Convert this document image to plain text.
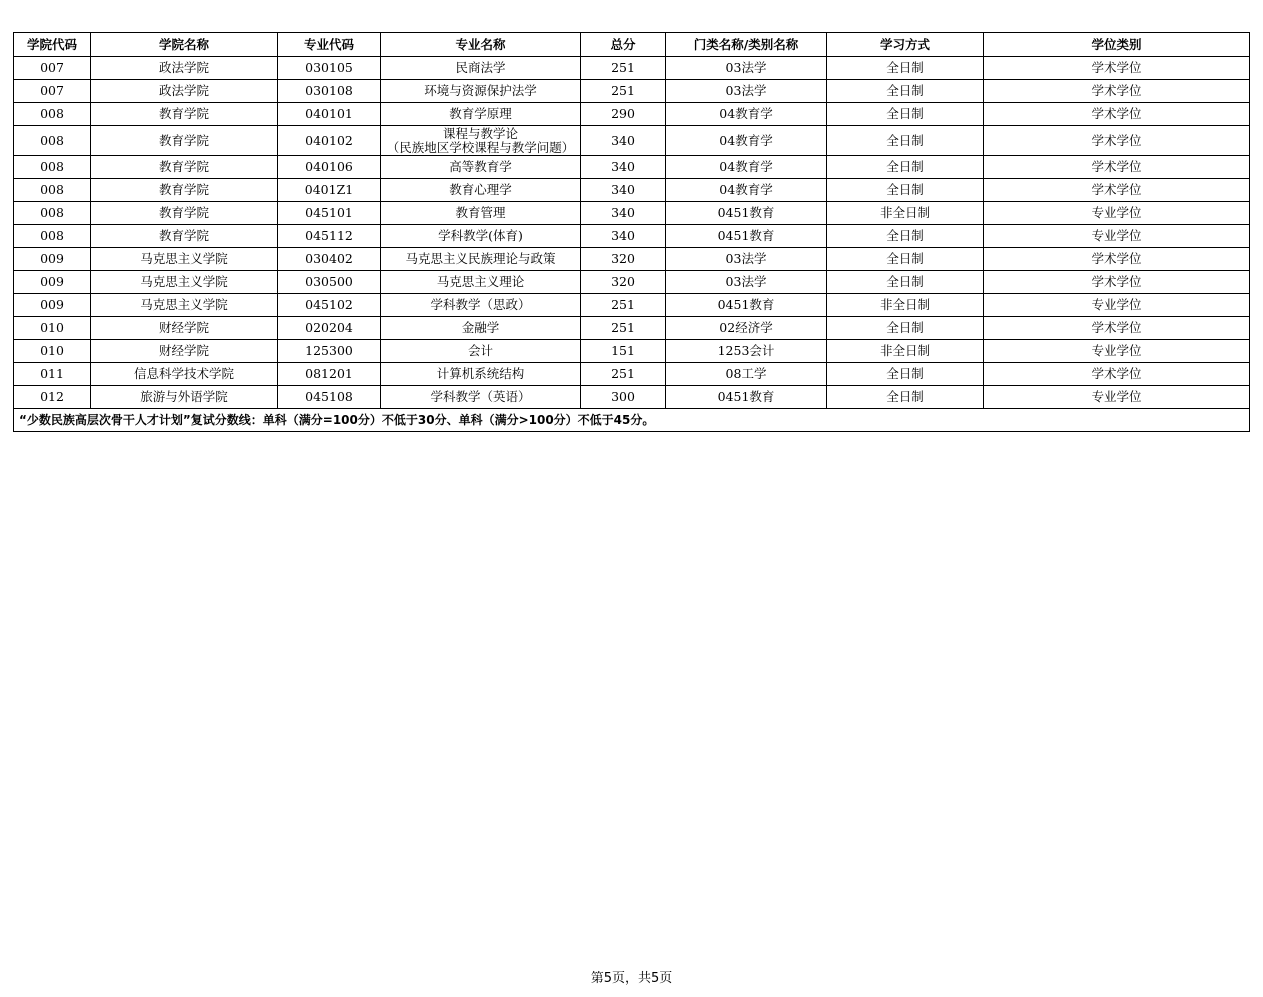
学院代码	学院名称	专业代码	专业名称	总分	门类名称/类别名称	学习方式	学位类别
007	政法学院	030105	民商法学	251	03法学	全日制	学术学位
007	政法学院	030108	环境与资源保护法学	251	03法学	全日制	学术学位
008	教育学院	040101	教育学原理	290	04教育学	全日制	学术学位
008	教育学院	040102	课程与教学论
（民族地区学校课程与教学问题）	340	04教育学	全日制	学术学位
008	教育学院	040106	高等教育学	340	04教育学	全日制	学术学位
008	教育学院	0401Z1	教育心理学	340	04教育学	全日制	学术学位
008	教育学院	045101	教育管理	340	0451教育	非全日制	专业学位
008	教育学院	045112	学科教学(体育)	340	0451教育	全日制	专业学位
009	马克思主义学院	030402	马克思主义民族理论与政策	320	03法学	全日制	学术学位
009	马克思主义学院	030500	马克思主义理论	320	03法学	全日制	学术学位
009	马克思主义学院	045102	学科教学（思政）	251	0451教育	非全日制	专业学位
010	财经学院	020204	金融学	251	02经济学	全日制	学术学位
010	财经学院	125300	会计	151	1253会计	非全日制	专业学位
011	信息科学技术学院	081201	计算机系统结构	251	08工学	全日制	学术学位
012	旅游与外语学院	045108	学科教学（英语）	300	0451教育	全日制	专业学位
“少数民族高层次骨干人才计划”复试分数线：单科（满分=100分）不低于30分、单科（满分>100分）不低于45分。							
第5页，共5页
